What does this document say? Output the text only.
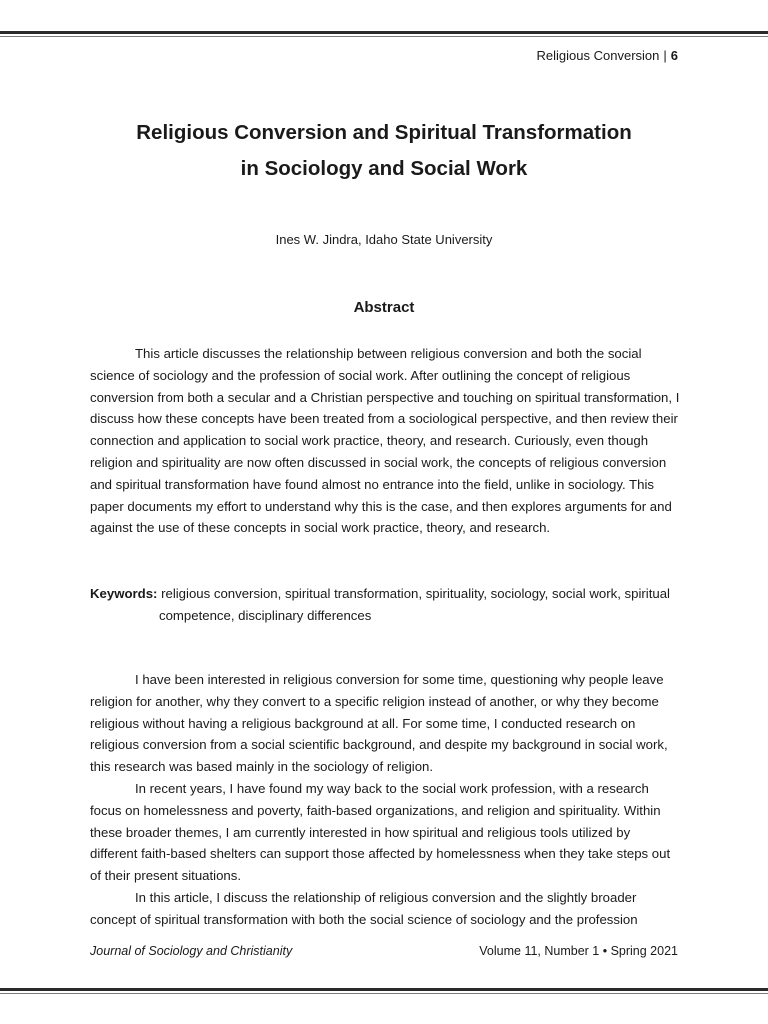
Religious Conversion | 6
Religious Conversion and Spiritual Transformation
in Sociology and Social Work
Ines W. Jindra, Idaho State University
Abstract

This article discusses the relationship between religious conversion and both the social science of sociology and the profession of social work. After outlining the concept of religious conversion from both a secular and a Christian perspective and touching on spiritual transformation, I discuss how these concepts have been treated from a sociological perspective, and then review their connection and application to social work practice, theory, and research. Curiously, even though religion and spirituality are now often discussed in social work, the concepts of religious conversion and spiritual transformation have found almost no entrance into the field, unlike in sociology. This paper documents my effort to understand why this is the case, and then explores arguments for and against the use of these concepts in social work practice, theory, and research.

Keywords: religious conversion, spiritual transformation, spirituality, sociology, social work, spiritual competence, disciplinary differences

I have been interested in religious conversion for some time, questioning why people leave religion for another, why they convert to a specific religion instead of another, or why they become religious without having a religious background at all. For some time, I conducted research on religious conversion from a social scientific background, and despite my background in social work, this research was based mainly in the sociology of religion.

In recent years, I have found my way back to the social work profession, with a research focus on homelessness and poverty, faith-based organizations, and religion and spirituality. Within these broader themes, I am currently interested in how spiritual and religious tools utilized by different faith-based shelters can support those affected by homelessness when they take steps out of their present situations.

In this article, I discuss the relationship of religious conversion and the slightly broader concept of spiritual transformation with both the social science of sociology and the profession

Journal of Sociology and Christianity	Volume 11, Number 1 • Spring 2021
